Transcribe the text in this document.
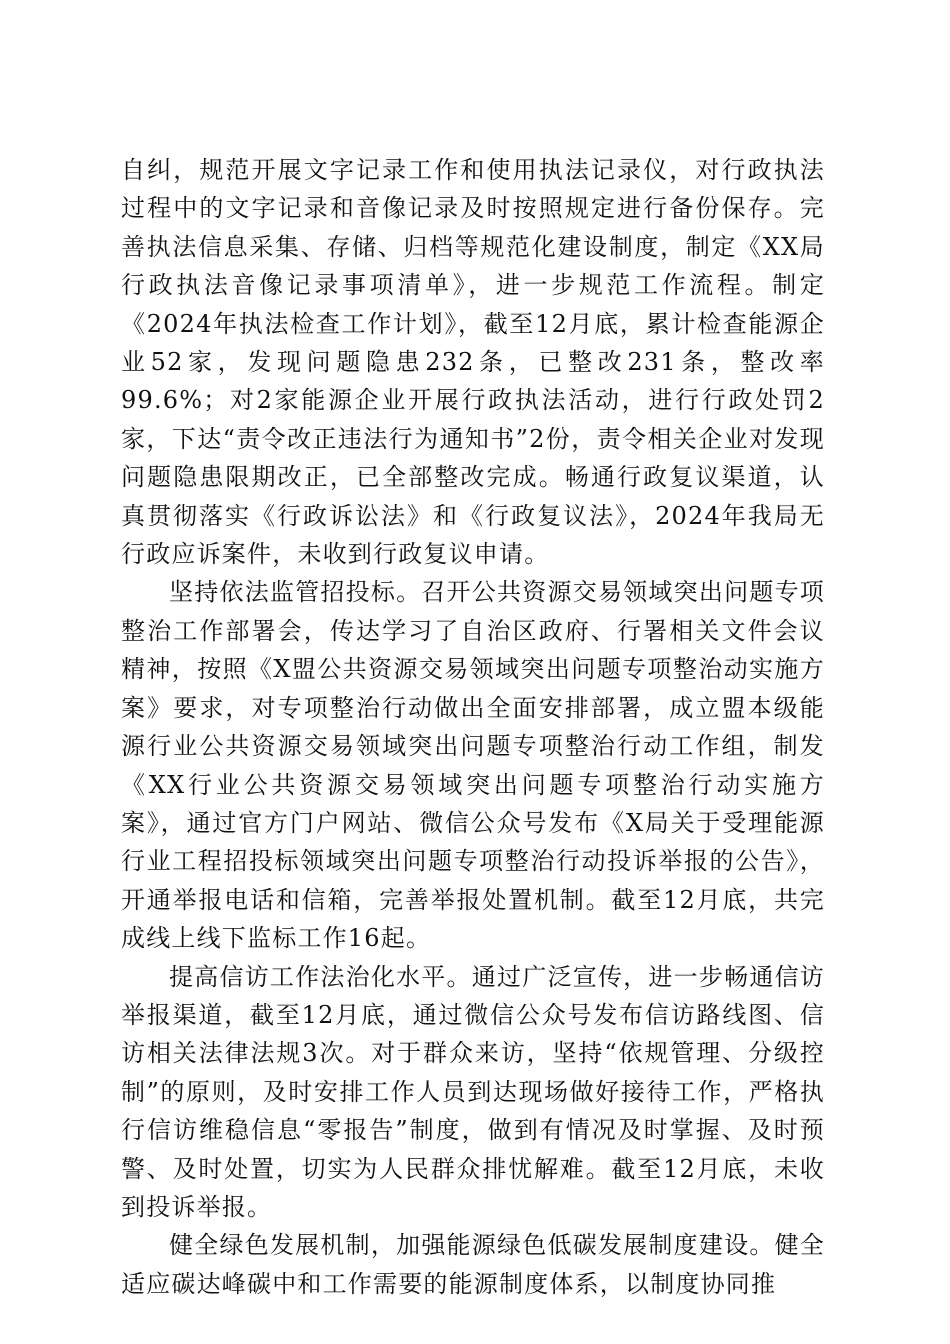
自纠，规范开展文字记录工作和使用执法记录仪，对行政执法过程中的文字记录和音像记录及时按照规定进行备份保存。完善执法信息采集、存储、归档等规范化建设制度，制定《XX局行政执法音像记录事项清单》，进一步规范工作流程。制定《2024年执法检查工作计划》，截至12月底，累计检查能源企业52家，发现问题隐患232条，已整改231条，整改率99.6%；对2家能源企业开展行政执法活动，进行行政处罚2家，下达“责令改正违法行为通知书”2份，责令相关企业对发现问题隐患限期改正，已全部整改完成。畅通行政复议渠道，认真贯彻落实《行政诉讼法》和《行政复议法》，2024年我局无行政应诉案件，未收到行政复议申请。

坚持依法监管招投标。召开公共资源交易领域突出问题专项整治工作部署会，传达学习了自治区政府、行署相关文件会议精神，按照《X盟公共资源交易领域突出问题专项整治动实施方案》要求，对专项整治行动做出全面安排部署，成立盟本级能源行业公共资源交易领域突出问题专项整治行动工作组，制发《XX行业公共资源交易领域突出问题专项整治行动实施方案》，通过官方门户网站、微信公众号发布《X局关于受理能源行业工程招投标领域突出问题专项整治行动投诉举报的公告》，开通举报电话和信箱，完善举报处置机制。截至12月底，共完成线上线下监标工作16起。

提高信访工作法治化水平。通过广泛宣传，进一步畅通信访举报渠道，截至12月底，通过微信公众号发布信访路线图、信访相关法律法规3次。对于群众来访，坚持“依规管理、分级控制”的原则，及时安排工作人员到达现场做好接待工作，严格执行信访维稳信息“零报告”制度，做到有情况及时掌握、及时预警、及时处置，切实为人民群众排忧解难。截至12月底，未收到投诉举报。

健全绿色发展机制，加强能源绿色低碳发展制度建设。健全适应碳达峰碳中和工作需要的能源制度体系，以制度协同推
